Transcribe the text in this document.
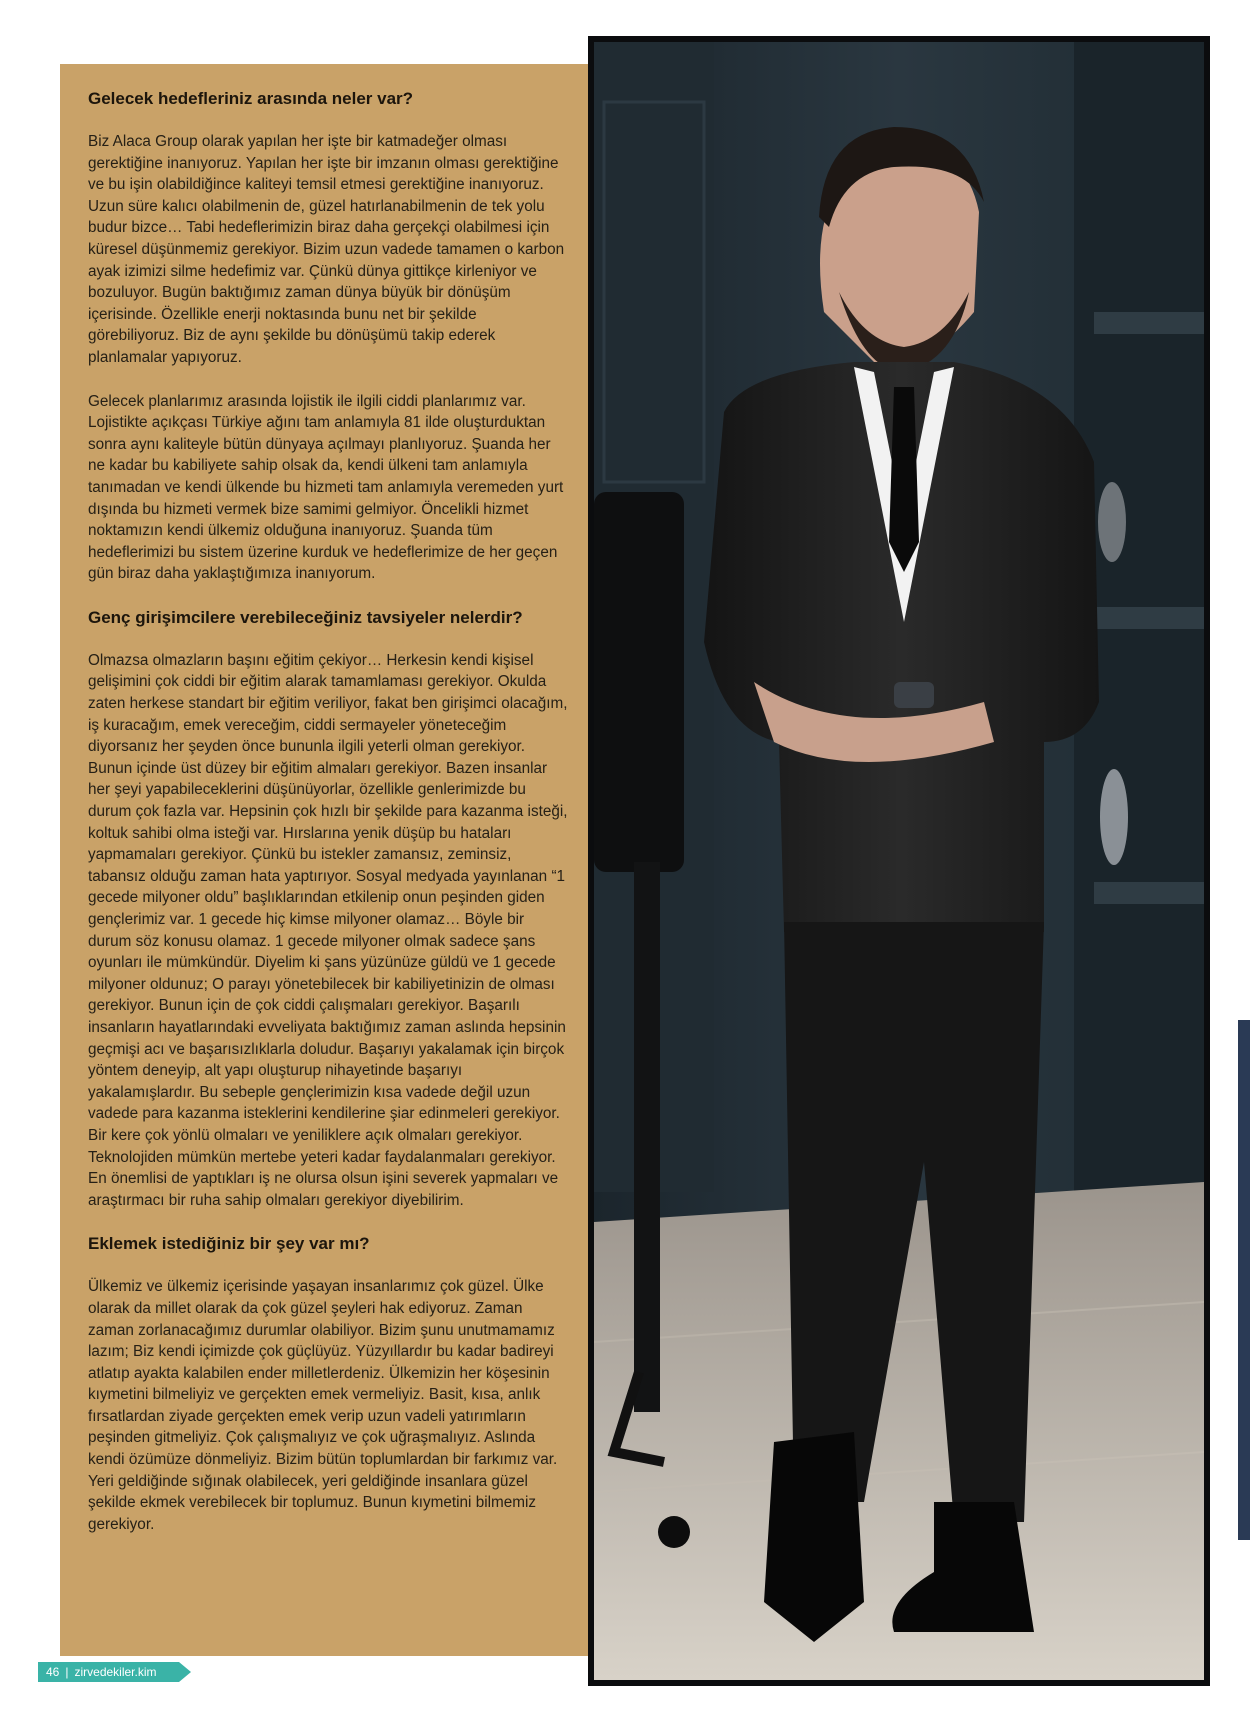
Gelecek hedefleriniz arasında neler var?

Biz Alaca Group olarak yapılan her işte bir katmadeğer olması gerektiğine inanıyoruz. Yapılan her işte bir imzanın olması gerektiğine ve bu işin olabildiğince kaliteyi temsil etmesi gerektiğine inanıyoruz. Uzun süre kalıcı olabilmenin de, güzel hatırlanabilmenin de tek yolu budur bizce… Tabi hedeflerimizin biraz daha gerçekçi olabilmesi için küresel düşünmemiz gerekiyor. Bizim uzun vadede tamamen o karbon ayak izimizi silme hedefimiz var. Çünkü dünya gittikçe kirleniyor ve bozuluyor. Bugün baktığımız zaman dünya büyük bir dönüşüm içerisinde. Özellikle enerji noktasında bunu net bir şekilde görebiliyoruz. Biz de aynı şekilde bu dönüşümü takip ederek planlamalar yapıyoruz.

Gelecek planlarımız arasında lojistik ile ilgili ciddi planlarımız var. Lojistikte açıkçası Türkiye ağını tam anlamıyla 81 ilde oluşturduktan sonra aynı kaliteyle bütün dünyaya açılmayı planlıyoruz. Şuanda her ne kadar bu kabiliyete sahip olsak da, kendi ülkeni tam anlamıyla tanımadan ve kendi ülkende bu hizmeti tam anlamıyla veremeden yurt dışında bu hizmeti vermek bize samimi gelmiyor. Öncelikli hizmet noktamızın kendi ülkemiz olduğuna inanıyoruz. Şuanda tüm hedeflerimizi bu sistem üzerine kurduk ve hedeflerimize de her geçen gün biraz daha yaklaştığımıza inanıyorum.

Genç girişimcilere verebileceğiniz tavsiyeler nelerdir?

Olmazsa olmazların başını eğitim çekiyor… Herkesin kendi kişisel gelişimini çok ciddi bir eğitim alarak tamamlaması gerekiyor. Okulda zaten herkese standart bir eğitim veriliyor, fakat ben girişimci olacağım, iş kuracağım, emek vereceğim, ciddi sermayeler yöneteceğim diyorsanız her şeyden önce bununla ilgili yeterli olman gerekiyor. Bunun içinde üst düzey bir eğitim almaları gerekiyor. Bazen insanlar her şeyi yapabileceklerini düşünüyorlar, özellikle genlerimizde bu durum çok fazla var. Hepsinin çok hızlı bir şekilde para kazanma isteği, koltuk sahibi olma isteği var. Hırslarına yenik düşüp bu hataları yapmamaları gerekiyor. Çünkü bu istekler zamansız, zeminsiz, tabansız olduğu zaman hata yaptırıyor. Sosyal medyada yayınlanan “1 gecede milyoner oldu” başlıklarından etkilenip onun peşinden giden gençlerimiz var. 1 gecede hiç kimse milyoner olamaz… Böyle bir durum söz konusu olamaz. 1 gecede milyoner olmak sadece şans oyunları ile mümkündür. Diyelim ki şans yüzünüze güldü ve 1 gecede milyoner oldunuz; O parayı yönetebilecek bir kabiliyetinizin de olması gerekiyor. Bunun için de çok ciddi çalışmaları gerekiyor. Başarılı insanların hayatlarındaki evveliyata baktığımız zaman aslında hepsinin geçmişi acı ve başarısızlıklarla doludur. Başarıyı yakalamak için birçok yöntem deneyip, alt yapı oluşturup nihayetinde başarıyı yakalamışlardır. Bu sebeple gençlerimizin kısa vadede değil uzun vadede para kazanma isteklerini kendilerine şiar edinmeleri gerekiyor. Bir kere çok yönlü olmaları ve yeniliklere açık olmaları gerekiyor. Teknolojiden mümkün mertebe yeteri kadar faydalanmaları gerekiyor. En önemlisi de yaptıkları iş ne olursa olsun işini severek yapmaları ve araştırmacı bir ruha sahip olmaları gerekiyor diyebilirim.

Eklemek istediğiniz bir şey var mı?

Ülkemiz ve ülkemiz içerisinde yaşayan insanlarımız çok güzel. Ülke olarak da millet olarak da çok güzel şeyleri hak ediyoruz. Zaman zaman zorlanacağımız durumlar olabiliyor. Bizim şunu unutmamamız lazım; Biz kendi içimizde çok güçlüyüz. Yüzyıllardır bu kadar badireyi atlatıp ayakta kalabilen ender milletlerdeniz. Ülkemizin her köşesinin kıymetini bilmeliyiz ve gerçekten emek vermeliyiz. Basit, kısa, anlık fırsatlardan ziyade gerçekten emek verip uzun vadeli yatırımların peşinden gitmeliyiz. Çok çalışmalıyız ve çok uğraşmalıyız. Aslında kendi özümüze dönmeliyiz. Bizim bütün toplumlardan bir farkımız var. Yeri geldiğinde sığınak olabilecek, yeri geldiğinde insanlara güzel şekilde ekmek verebilecek bir toplumuz. Bunun kıymetini bilmemiz gerekiyor.

46 | zirvedekiler.kim
